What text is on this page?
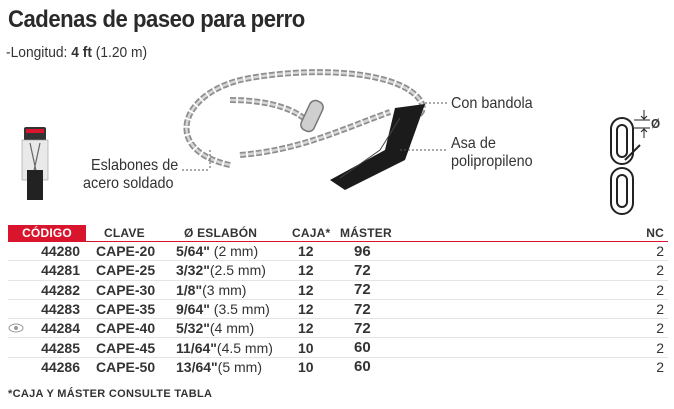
Cadenas de paseo para perro
-Longitud: 4 ft (1.20 m)
Ø
Con bandola
Asa de
polipropileno
Eslabones de
acero soldado
CÓDIGO	CLAVE	Ø ESLABÓN	CAJA*	MÁSTER	NC
44280	CAPE-20	5/64" (2 mm)	12	96	2
44281	CAPE-25	3/32"(2.5 mm)	12	72	2
44282	CAPE-30	1/8"(3 mm)	12	72	2
44283	CAPE-35	9/64" (3.5 mm)	12	72	2

44284	CAPE-40	5/32"(4 mm)	12	72	2
44285	CAPE-45	11/64"(4.5 mm)	10	60	2
44286	CAPE-50	13/64"(5 mm)	10	60	2
*CAJA Y MÁSTER CONSULTE TABLA
